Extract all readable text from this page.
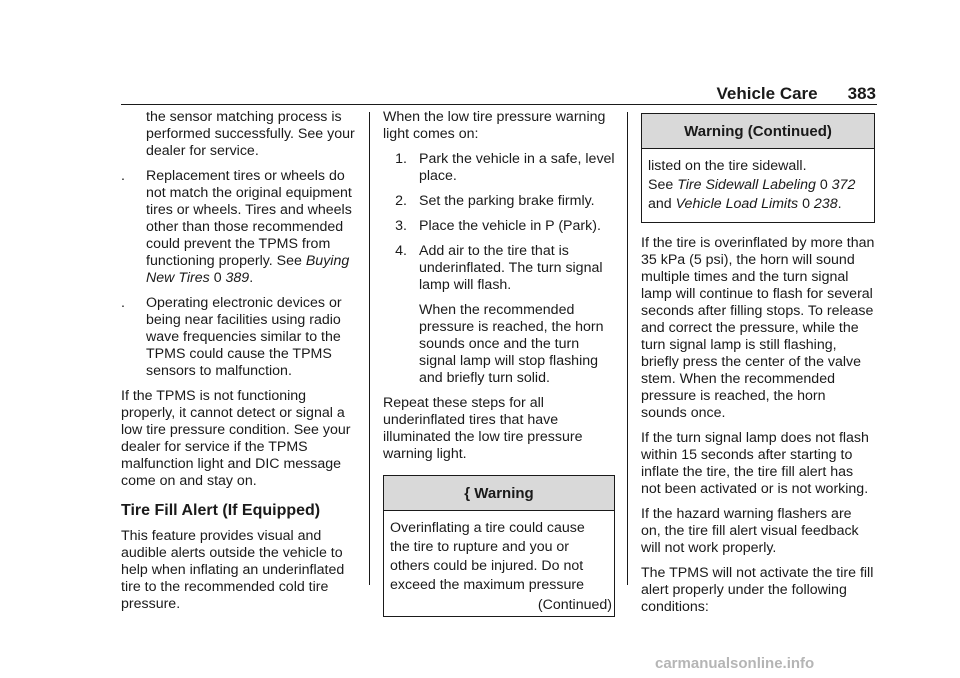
Vehicle Care 383

the sensor matching process is performed successfully. See your dealer for service.

.	Replacement tires or wheels do not match the original equipment tires or wheels. Tires and wheels other than those recommended could prevent the TPMS from functioning properly. See Buying New Tires 0 389.
.	Operating electronic devices or being near facilities using radio wave frequencies similar to the TPMS could cause the TPMS sensors to malfunction.

If the TPMS is not functioning properly, it cannot detect or signal a low tire pressure condition. See your dealer for service if the TPMS malfunction light and DIC message come on and stay on.

Tire Fill Alert (If Equipped)

This feature provides visual and audible alerts outside the vehicle to help when inflating an underinflated tire to the recommended cold tire pressure.

When the low tire pressure warning light comes on:

1. Park the vehicle in a safe, level place.
2. Set the parking brake firmly.
3. Place the vehicle in P (Park).
4. Add air to the tire that is underinflated. The turn signal lamp will flash.
When the recommended pressure is reached, the horn sounds once and the turn signal lamp will stop flashing and briefly turn solid.

Repeat these steps for all underinflated tires that have illuminated the low tire pressure warning light.

{ Warning
Overinflating a tire could cause the tire to rupture and you or others could be injured. Do not exceed the maximum pressure
(Continued)
Warning (Continued)
listed on the tire sidewall.
See Tire Sidewall Labeling 0 372
and Vehicle Load Limits 0 238.

If the tire is overinflated by more than 35 kPa (5 psi), the horn will sound multiple times and the turn signal lamp will continue to flash for several seconds after filling stops. To release and correct the pressure, while the turn signal lamp is still flashing, briefly press the center of the valve stem. When the recommended pressure is reached, the horn sounds once.

If the turn signal lamp does not flash within 15 seconds after starting to inflate the tire, the tire fill alert has not been activated or is not working.

If the hazard warning flashers are on, the tire fill alert visual feedback will not work properly.

The TPMS will not activate the tire fill alert properly under the following conditions:

carmanualsonline.info
